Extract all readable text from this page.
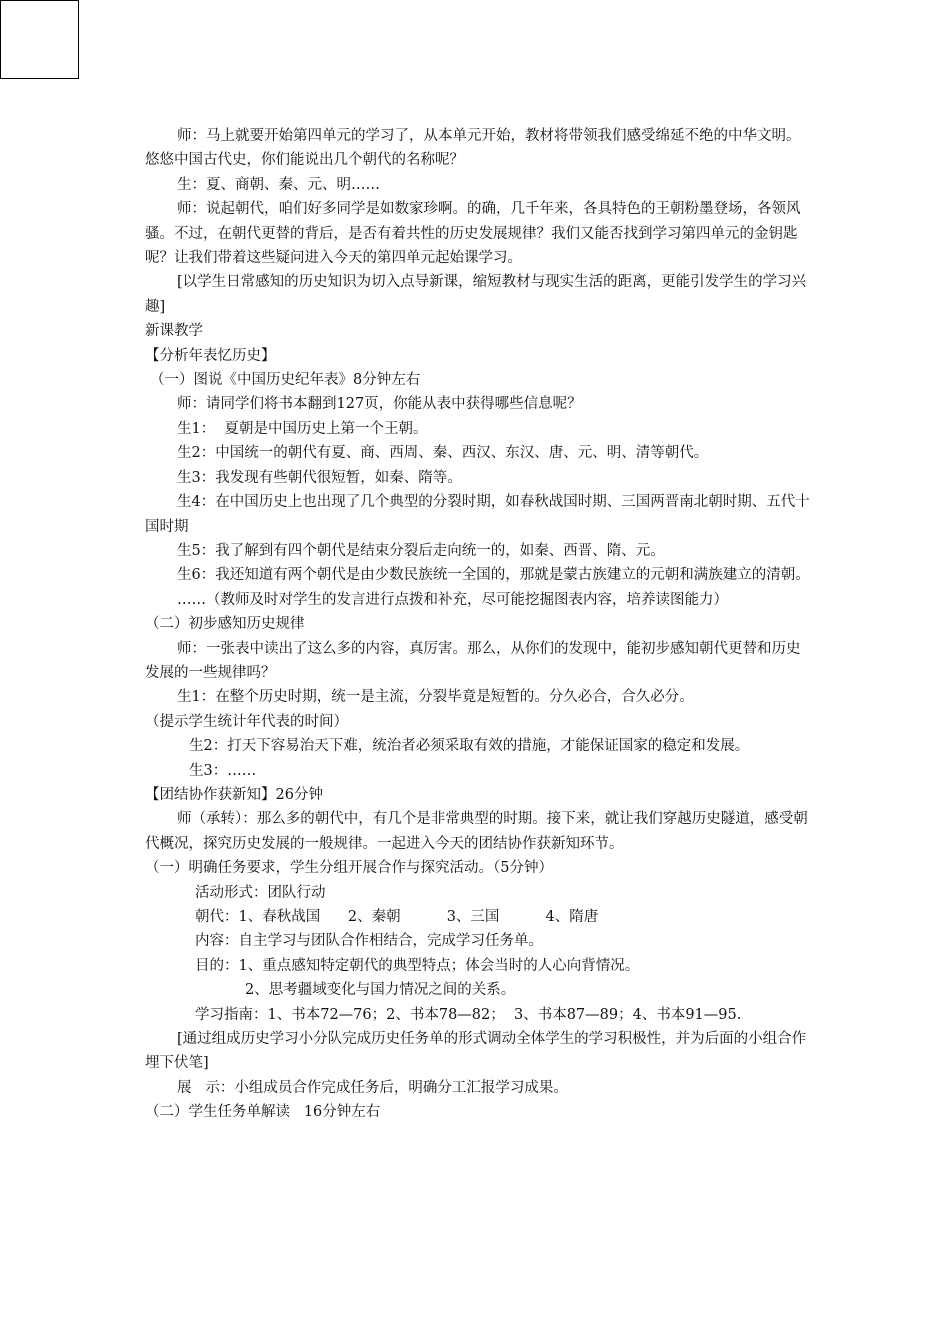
师：马上就要开始第四单元的学习了，从本单元开始，教材将带领我们感受绵延不绝的中华文明。悠悠中国古代史，你们能说出几个朝代的名称呢？

生：夏、商朝、秦、元、明……

师：说起朝代，咱们好多同学是如数家珍啊。的确，几千年来，各具特色的王朝粉墨登场，各领风骚。不过，在朝代更替的背后，是否有着共性的历史发展规律？我们又能否找到学习第四单元的金钥匙呢？让我们带着这些疑问进入今天的第四单元起始课学习。

[以学生日常感知的历史知识为切入点导新课，缩短教材与现实生活的距离，更能引发学生的学习兴趣]

新课教学

【分析年表忆历史】

（一）图说《中国历史纪年表》8分钟左右

师：请同学们将书本翻到127页，你能从表中获得哪些信息呢？

生1：  夏朝是中国历史上第一个王朝。

生2：中国统一的朝代有夏、商、西周、秦、西汉、东汉、唐、元、明、清等朝代。

生3：我发现有些朝代很短暂，如秦、隋等。

生4：在中国历史上也出现了几个典型的分裂时期，如春秋战国时期、三国两晋南北朝时期、五代十国时期

生5：我了解到有四个朝代是结束分裂后走向统一的，如秦、西晋、隋、元。

生6：我还知道有两个朝代是由少数民族统一全国的，那就是蒙古族建立的元朝和满族建立的清朝。

……（教师及时对学生的发言进行点拨和补充，尽可能挖掘图表内容，培养读图能力）

（二）初步感知历史规律

师：一张表中读出了这么多的内容，真厉害。那么，从你们的发现中，能初步感知朝代更替和历史发展的一些规律吗？

生1：在整个历史时期，统一是主流，分裂毕竟是短暂的。分久必合，合久必分。

（提示学生统计年代表的时间）

生2：打天下容易治天下难，统治者必须采取有效的措施，才能保证国家的稳定和发展。

生3：……

【团结协作获新知】26分钟

师（承转）：那么多的朝代中，有几个是非常典型的时期。接下来，就让我们穿越历史隧道，感受朝代概况，探究历史发展的一般规律。一起进入今天的团结协作获新知环节。

（一）明确任务要求，学生分组开展合作与探究活动。（5分钟）

活动形式：团队行动

朝代：1、春秋战国      2、秦朝          3、三国          4、隋唐

内容：自主学习与团队合作相结合，完成学习任务单。

目的：1、重点感知特定朝代的典型特点；体会当时的人心向背情况。

2、思考疆域变化与国力情况之间的关系。

学习指南：1、书本72—76；2、书本78—82；  3、书本87—89；4、书本91—95.

[通过组成历史学习小分队完成历史任务单的形式调动全体学生的学习积极性，并为后面的小组合作埋下伏笔]

展   示：小组成员合作完成任务后，明确分工汇报学习成果。

（二）学生任务单解读   16分钟左右
